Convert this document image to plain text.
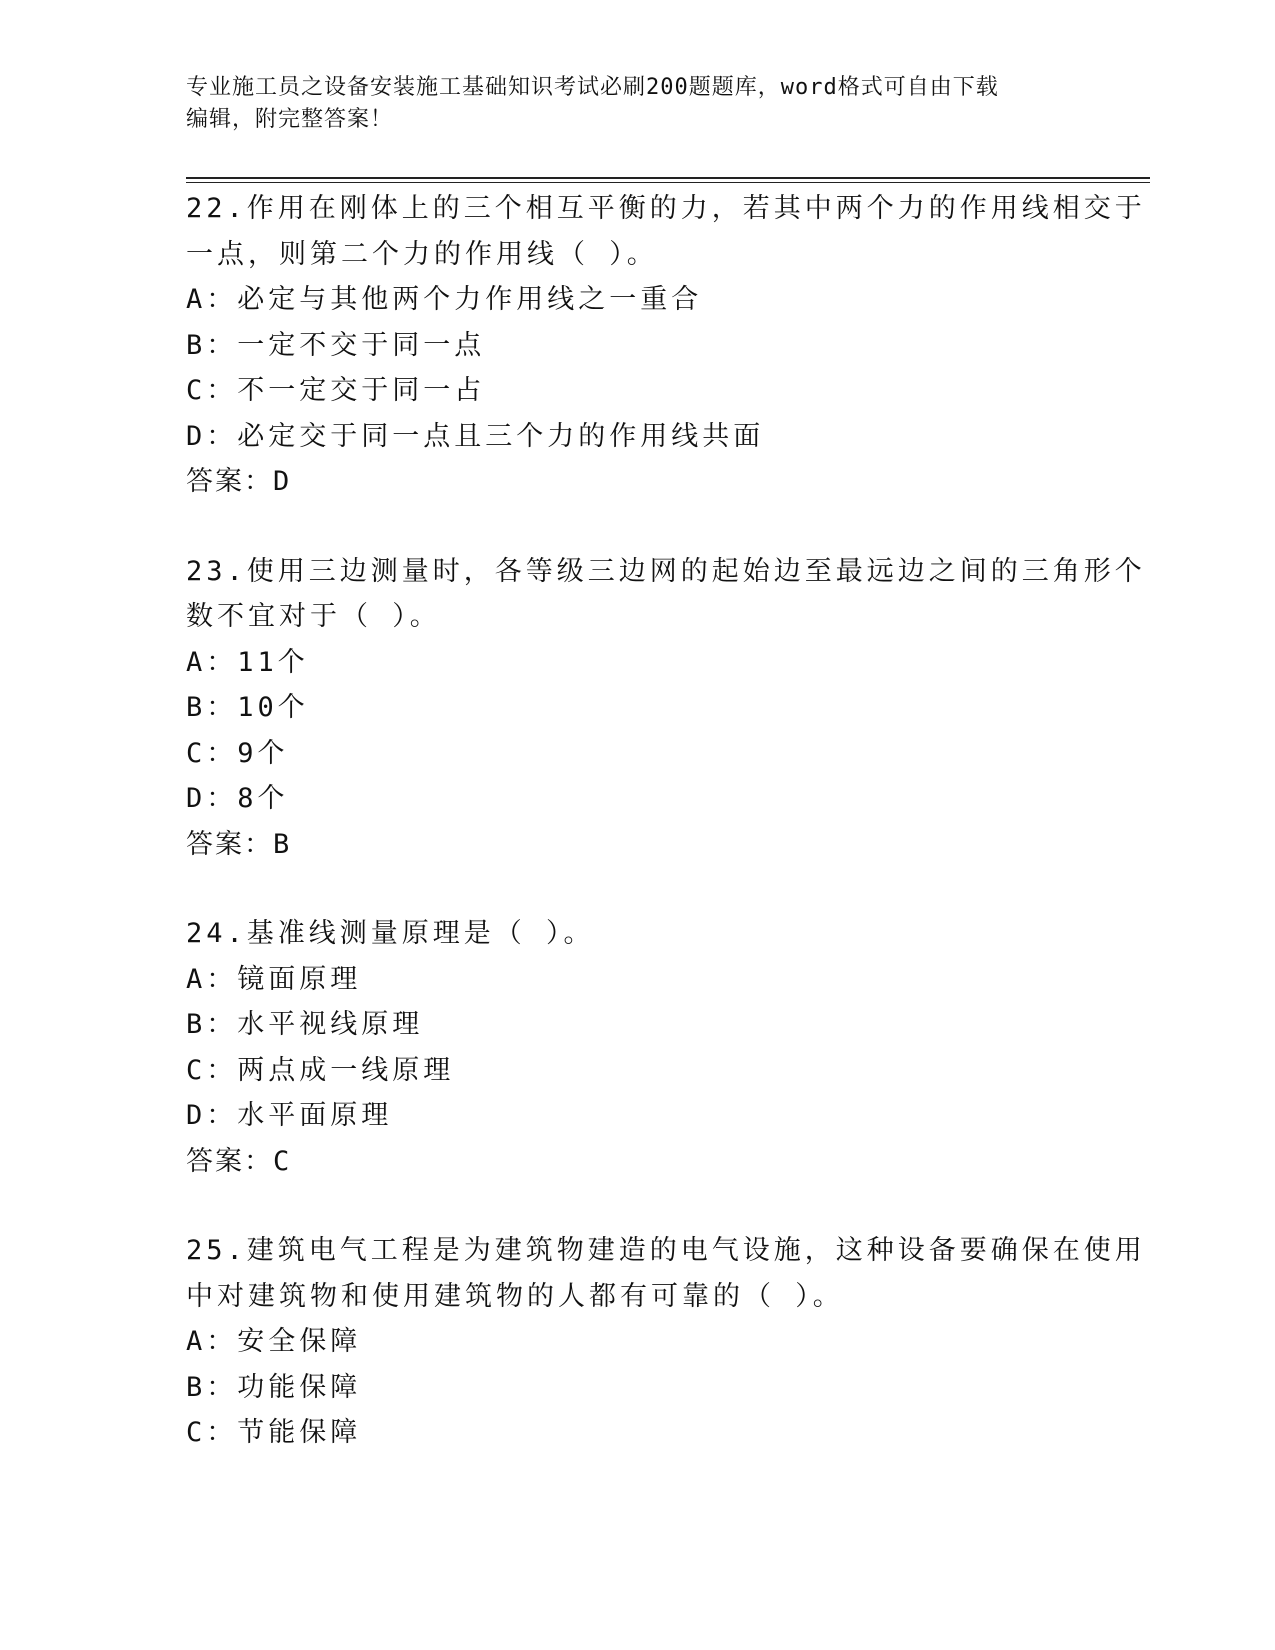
专业施工员之设备安装施工基础知识考试必刷200题题库，word格式可自由下载
编辑，附完整答案！
22.作用在刚体上的三个相互平衡的力，若其中两个力的作用线相交于
一点，则第二个力的作用线（ ）。
A：必定与其他两个力作用线之一重合
B：一定不交于同一点
C：不一定交于同一占
D：必定交于同一点且三个力的作用线共面
答案：D
23.使用三边测量时，各等级三边网的起始边至最远边之间的三角形个
数不宜对于（ ）。
A：11个
B：10个
C：9个
D：8个
答案：B
24.基准线测量原理是（ ）。
A：镜面原理
B：水平视线原理
C：两点成一线原理
D：水平面原理
答案：C
25.建筑电气工程是为建筑物建造的电气设施，这种设备要确保在使用
中对建筑物和使用建筑物的人都有可靠的（ ）。
A：安全保障
B：功能保障
C：节能保障
